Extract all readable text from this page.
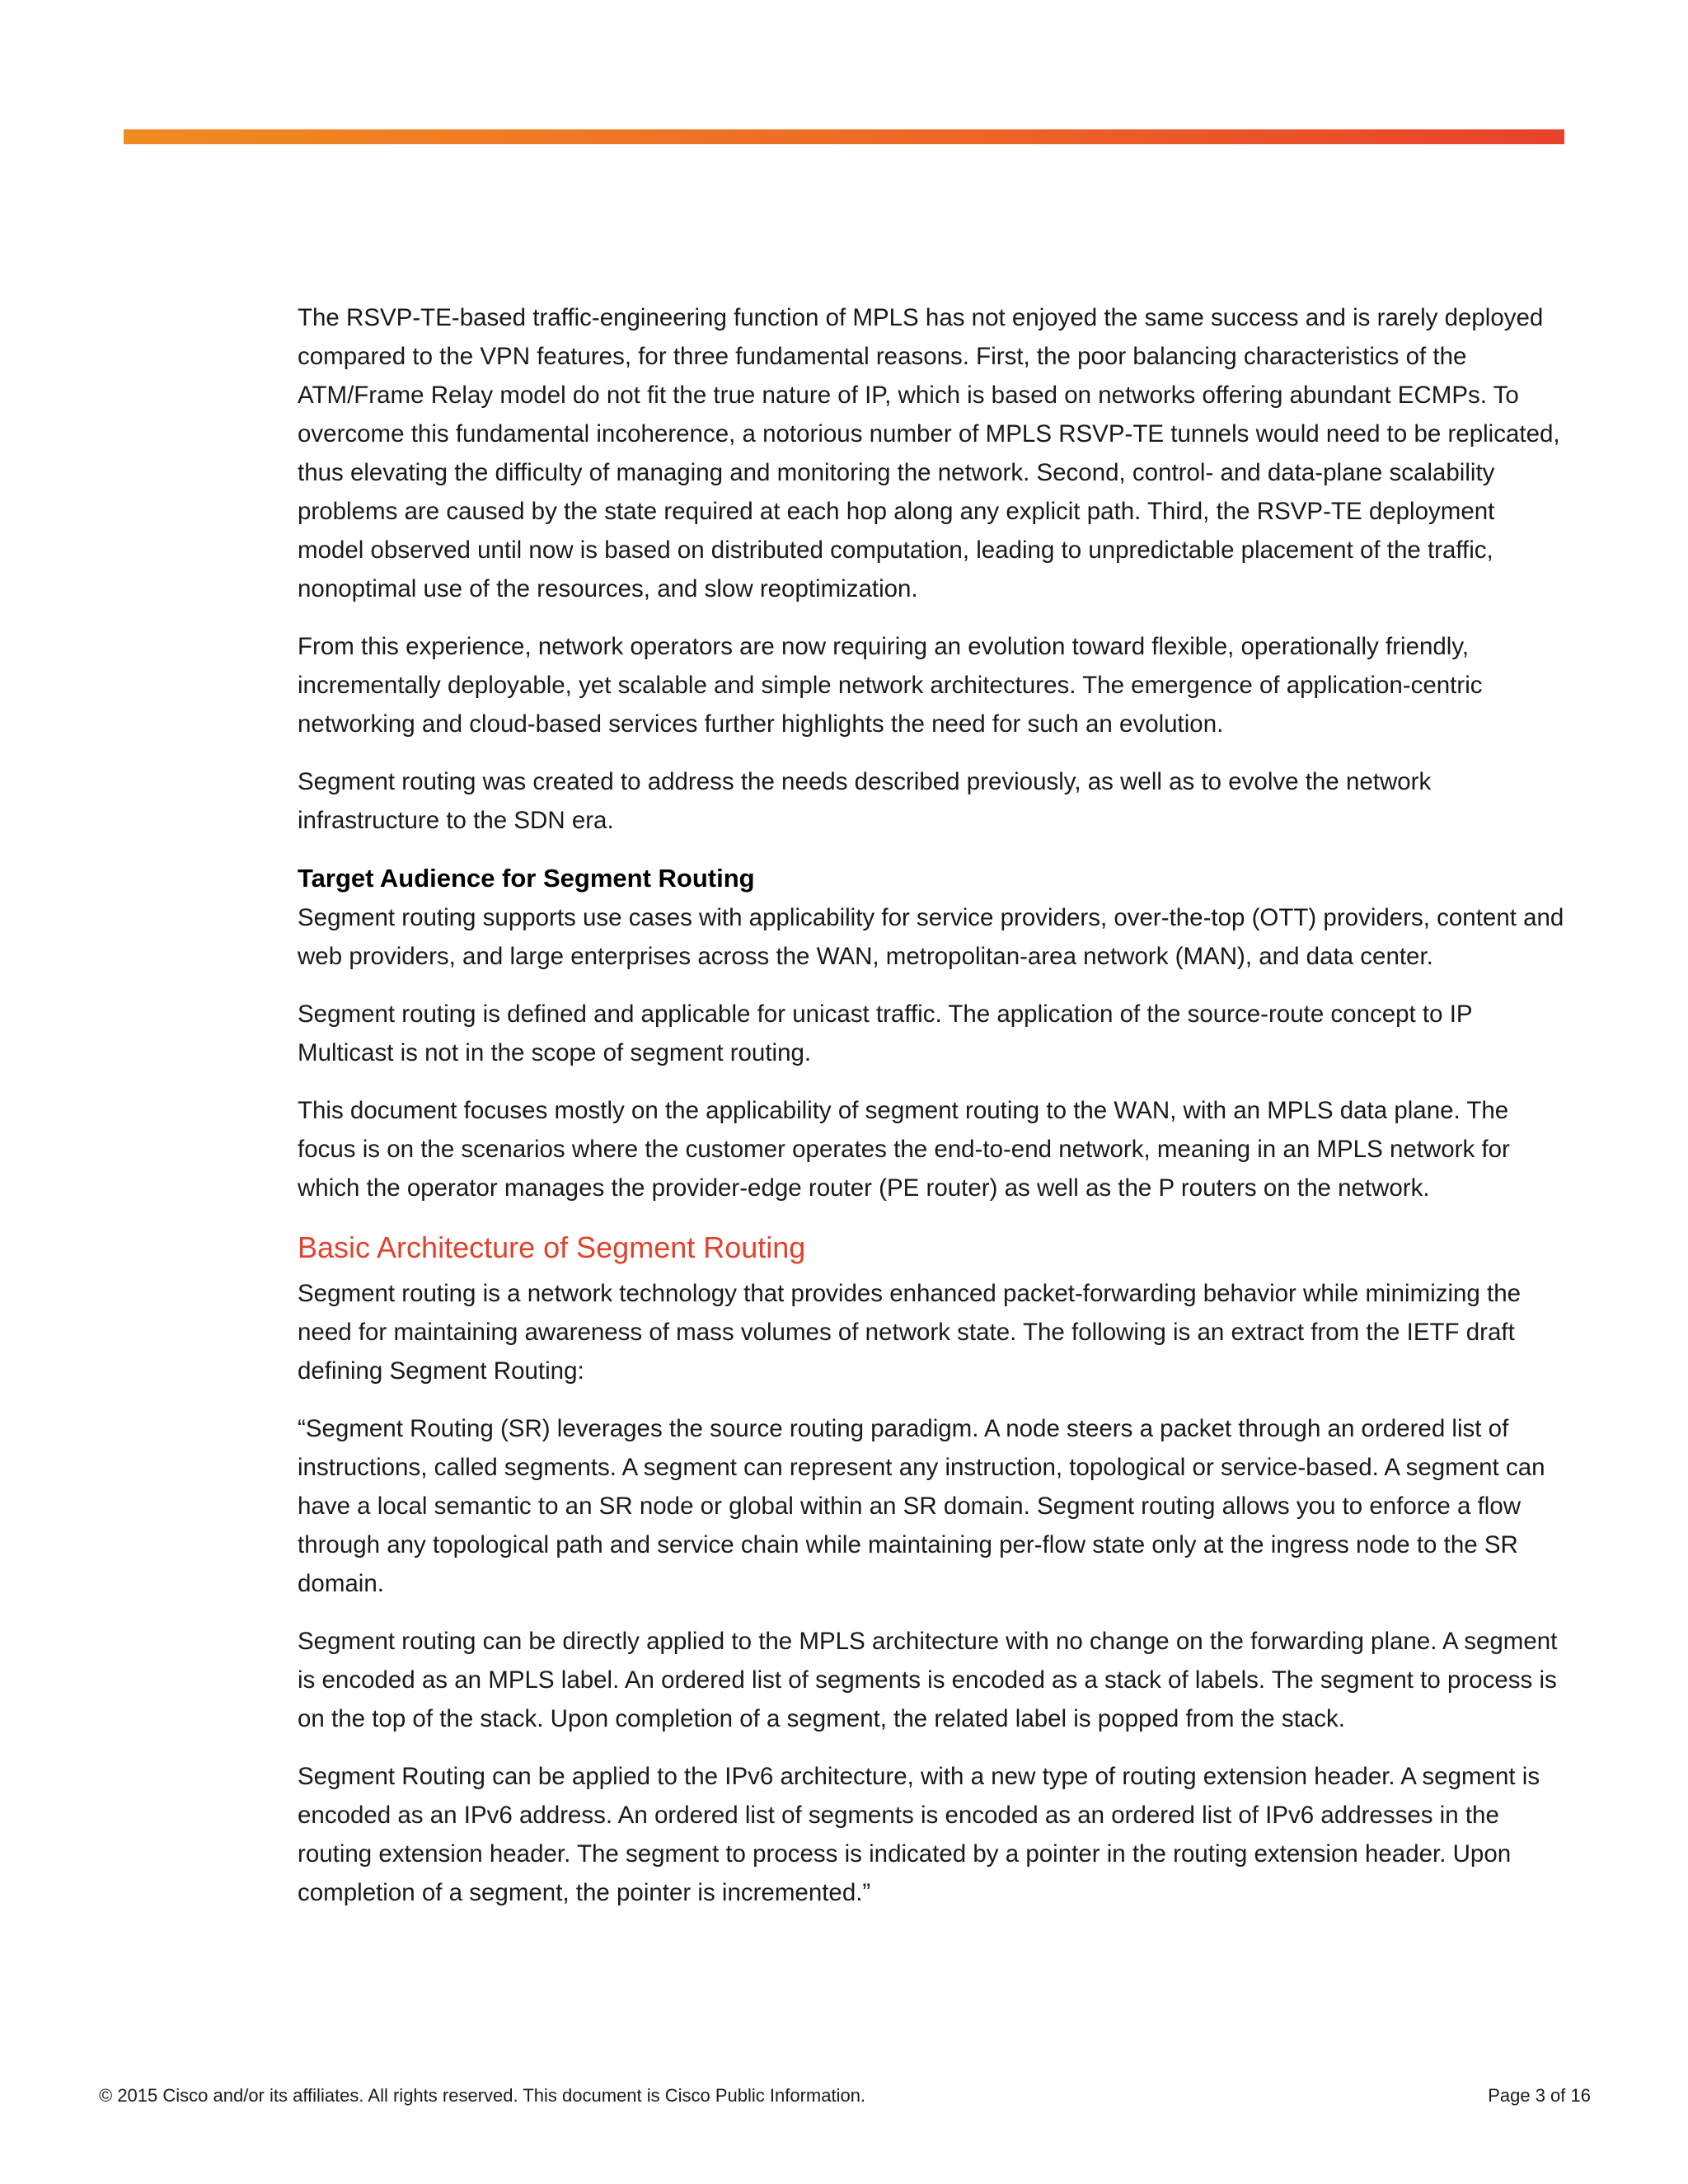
The RSVP-TE-based traffic-engineering function of MPLS has not enjoyed the same success and is rarely deployed compared to the VPN features, for three fundamental reasons. First, the poor balancing characteristics of the ATM/Frame Relay model do not fit the true nature of IP, which is based on networks offering abundant ECMPs. To overcome this fundamental incoherence, a notorious number of MPLS RSVP-TE tunnels would need to be replicated, thus elevating the difficulty of managing and monitoring the network. Second, control- and data-plane scalability problems are caused by the state required at each hop along any explicit path. Third, the RSVP-TE deployment model observed until now is based on distributed computation, leading to unpredictable placement of the traffic, nonoptimal use of the resources, and slow reoptimization.

From this experience, network operators are now requiring an evolution toward flexible, operationally friendly, incrementally deployable, yet scalable and simple network architectures. The emergence of application-centric networking and cloud-based services further highlights the need for such an evolution.

Segment routing was created to address the needs described previously, as well as to evolve the network infrastructure to the SDN era.

Target Audience for Segment Routing

Segment routing supports use cases with applicability for service providers, over-the-top (OTT) providers, content and web providers, and large enterprises across the WAN, metropolitan-area network (MAN), and data center.

Segment routing is defined and applicable for unicast traffic. The application of the source-route concept to IP Multicast is not in the scope of segment routing.

This document focuses mostly on the applicability of segment routing to the WAN, with an MPLS data plane. The focus is on the scenarios where the customer operates the end-to-end network, meaning in an MPLS network for which the operator manages the provider-edge router (PE router) as well as the P routers on the network.

Basic Architecture of Segment Routing

Segment routing is a network technology that provides enhanced packet-forwarding behavior while minimizing the need for maintaining awareness of mass volumes of network state. The following is an extract from the IETF draft defining Segment Routing:

“Segment Routing (SR) leverages the source routing paradigm. A node steers a packet through an ordered list of instructions, called segments. A segment can represent any instruction, topological or service-based. A segment can have a local semantic to an SR node or global within an SR domain. Segment routing allows you to enforce a flow through any topological path and service chain while maintaining per-flow state only at the ingress node to the SR domain.

Segment routing can be directly applied to the MPLS architecture with no change on the forwarding plane. A segment is encoded as an MPLS label. An ordered list of segments is encoded as a stack of labels. The segment to process is on the top of the stack. Upon completion of a segment, the related label is popped from the stack.

Segment Routing can be applied to the IPv6 architecture, with a new type of routing extension header. A segment is encoded as an IPv6 address. An ordered list of segments is encoded as an ordered list of IPv6 addresses in the routing extension header. The segment to process is indicated by a pointer in the routing extension header. Upon completion of a segment, the pointer is incremented.”

© 2015 Cisco and/or its affiliates. All rights reserved. This document is Cisco Public Information.	Page 3 of 16
